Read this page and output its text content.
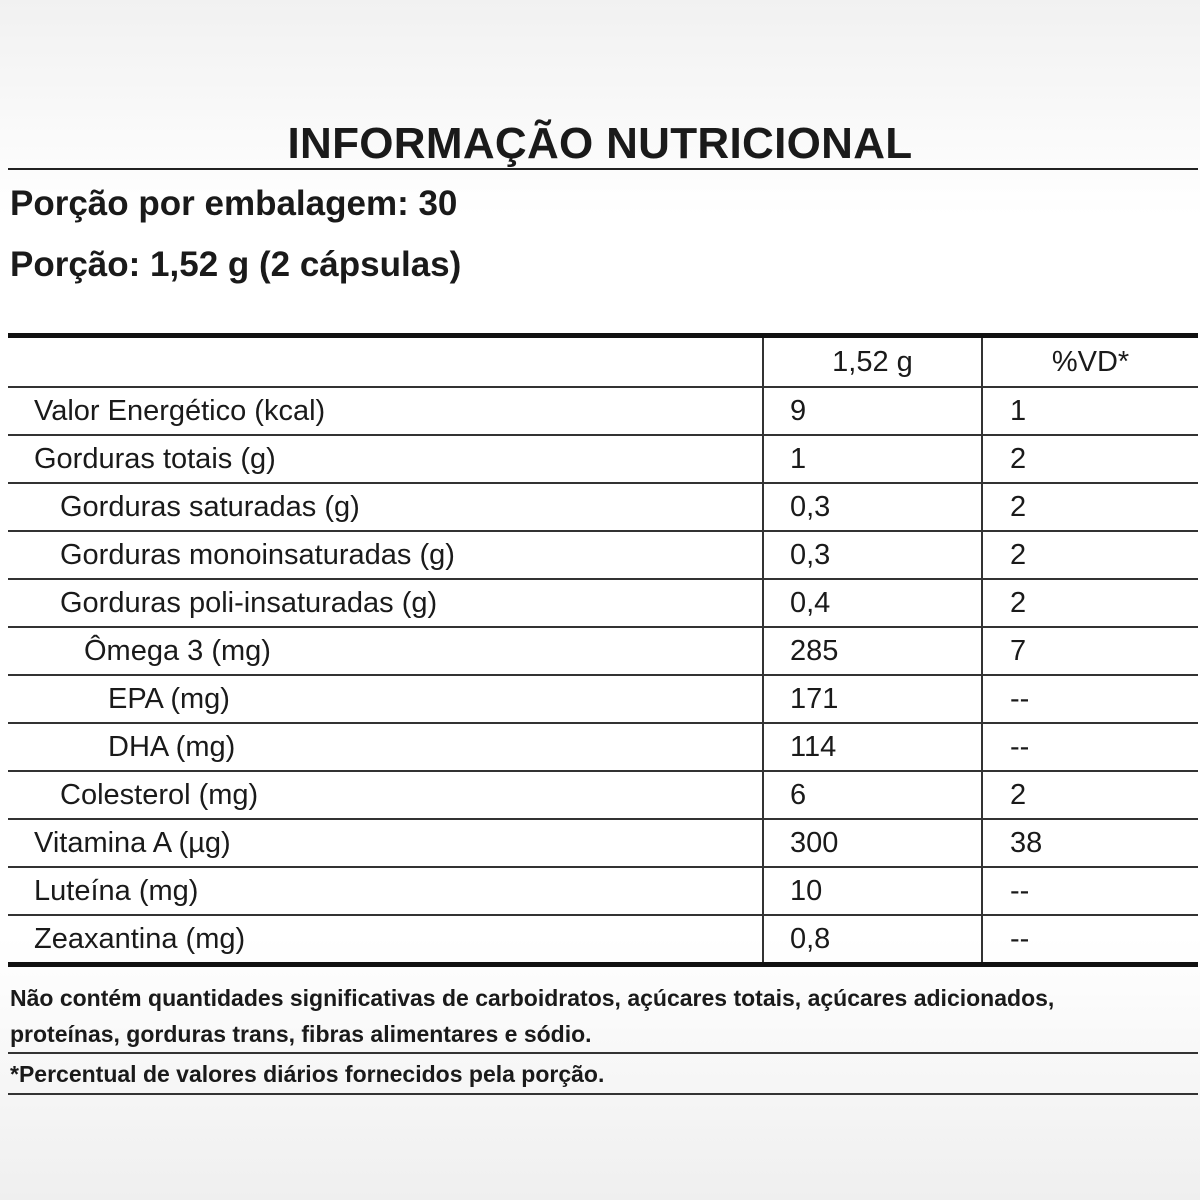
INFORMAÇÃO NUTRICIONAL
Porção por embalagem: 30
Porção: 1,52 g (2 cápsulas)
	1,52 g	%VD*
Valor Energético (kcal)	9	1
Gorduras totais (g)	1	2
Gorduras saturadas (g)	0,3	2
Gorduras monoinsaturadas (g)	0,3	2
Gorduras poli-insaturadas (g)	0,4	2
Ômega 3 (mg)	285	7
EPA (mg)	171	--
DHA (mg)	114	--
Colesterol (mg)	6	2
Vitamina A (µg)	300	38
Luteína (mg)	10	--
Zeaxantina (mg)	0,8	--
Não contém quantidades significativas de carboidratos, açúcares totais, açúcares adicionados,
proteínas, gorduras trans, fibras alimentares e sódio.
*Percentual de valores diários fornecidos pela porção.
